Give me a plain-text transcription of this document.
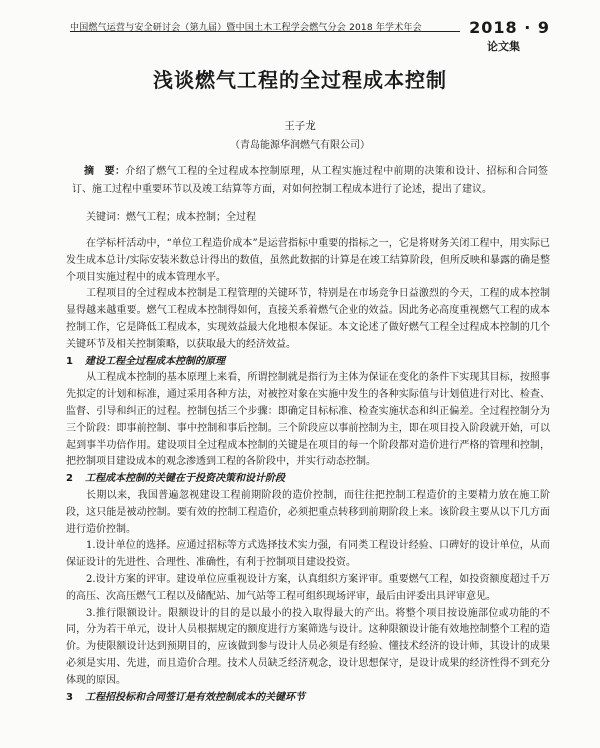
中国燃气运营与安全研讨会（第九届）暨中国土木工程学会燃气分会 2018 年学术年会	2018 · 9
论文集
浅谈燃气工程的全过程成本控制
王子龙
（青岛能源华润燃气有限公司）

摘　要：介绍了燃气工程的全过程成本控制原理，从工程实施过程中前期的决策和设计、招标和合同签订、施工过程中重要环节以及竣工结算等方面，对如何控制工程成本进行了论述，提出了建议。

关键词：燃气工程；成本控制；全过程

在学标杆活动中，“单位工程造价成本”是运营指标中重要的指标之一，它是将财务关闭工程中，用实际已发生成本总计/实际安装米数总计得出的数值，虽然此数据的计算是在竣工结算阶段，但所反映和暴露的确是整个项目实施过程中的成本管理水平。

工程项目的全过程成本控制是工程管理的关键环节，特别是在市场竞争日益激烈的今天，工程的成本控制显得越来越重要。燃气工程成本控制得如何，直接关系着燃气企业的效益。因此务必高度重视燃气工程的成本控制工作，它是降低工程成本，实现效益最大化地根本保证。本文论述了做好燃气工程全过程成本控制的几个关键环节及相关控制策略，以获取最大的经济效益。

1 建设工程全过程成本控制的原理

从工程成本控制的基本原理上来看，所谓控制就是指行为主体为保证在变化的条件下实现其目标，按照事先拟定的计划和标准，通过采用各种方法，对被控对象在实施中发生的各种实际值与计划值进行对比、检查、监督、引导和纠正的过程。控制包括三个步骤：即确定目标标准、检查实施状态和纠正偏差。全过程控制分为三个阶段：即事前控制、事中控制和事后控制。三个阶段应以事前控制为主，即在项目投入阶段就开始，可以起到事半功倍作用。建设项目全过程成本控制的关键是在项目的每一个阶段都对造价进行严格的管理和控制，把控制项目建设成本的观念渗透到工程的各阶段中，并实行动态控制。

2 工程成本控制的关键在于投资决策和设计阶段

长期以来，我国普遍忽视建设工程前期阶段的造价控制，而往往把控制工程造价的主要精力放在施工阶段，这只能是被动控制。要有效的控制工程造价，必须把重点转移到前期阶段上来。该阶段主要从以下几方面进行造价控制。

1.设计单位的选择。应通过招标等方式选择技术实力强，有同类工程设计经验、口碑好的设计单位，从而保证设计的先进性、合理性、准确性，有利于控制项目建设投资。

2.设计方案的评审。建设单位应重视设计方案，认真组织方案评审。重要燃气工程，如投资额度超过千万的高压、次高压燃气工程以及储配站、加气站等工程可组织现场评审，最后由评委出具评审意见。

3.推行限额设计。限额设计的目的是以最小的投入取得最大的产出。将整个项目按设施部位或功能的不同，分为若干单元，设计人员根据规定的额度进行方案筛选与设计。这种限额设计能有效地控制整个工程的造价。为使限额设计达到预期目的，应该做到参与设计人员必须是有经验、懂技术经济的设计师，其设计的成果必须是实用、先进，而且造价合理。技术人员缺乏经济观念，设计思想保守，是设计成果的经济性得不到充分体现的原因。

3 工程招投标和合同签订是有效控制成本的关键环节
